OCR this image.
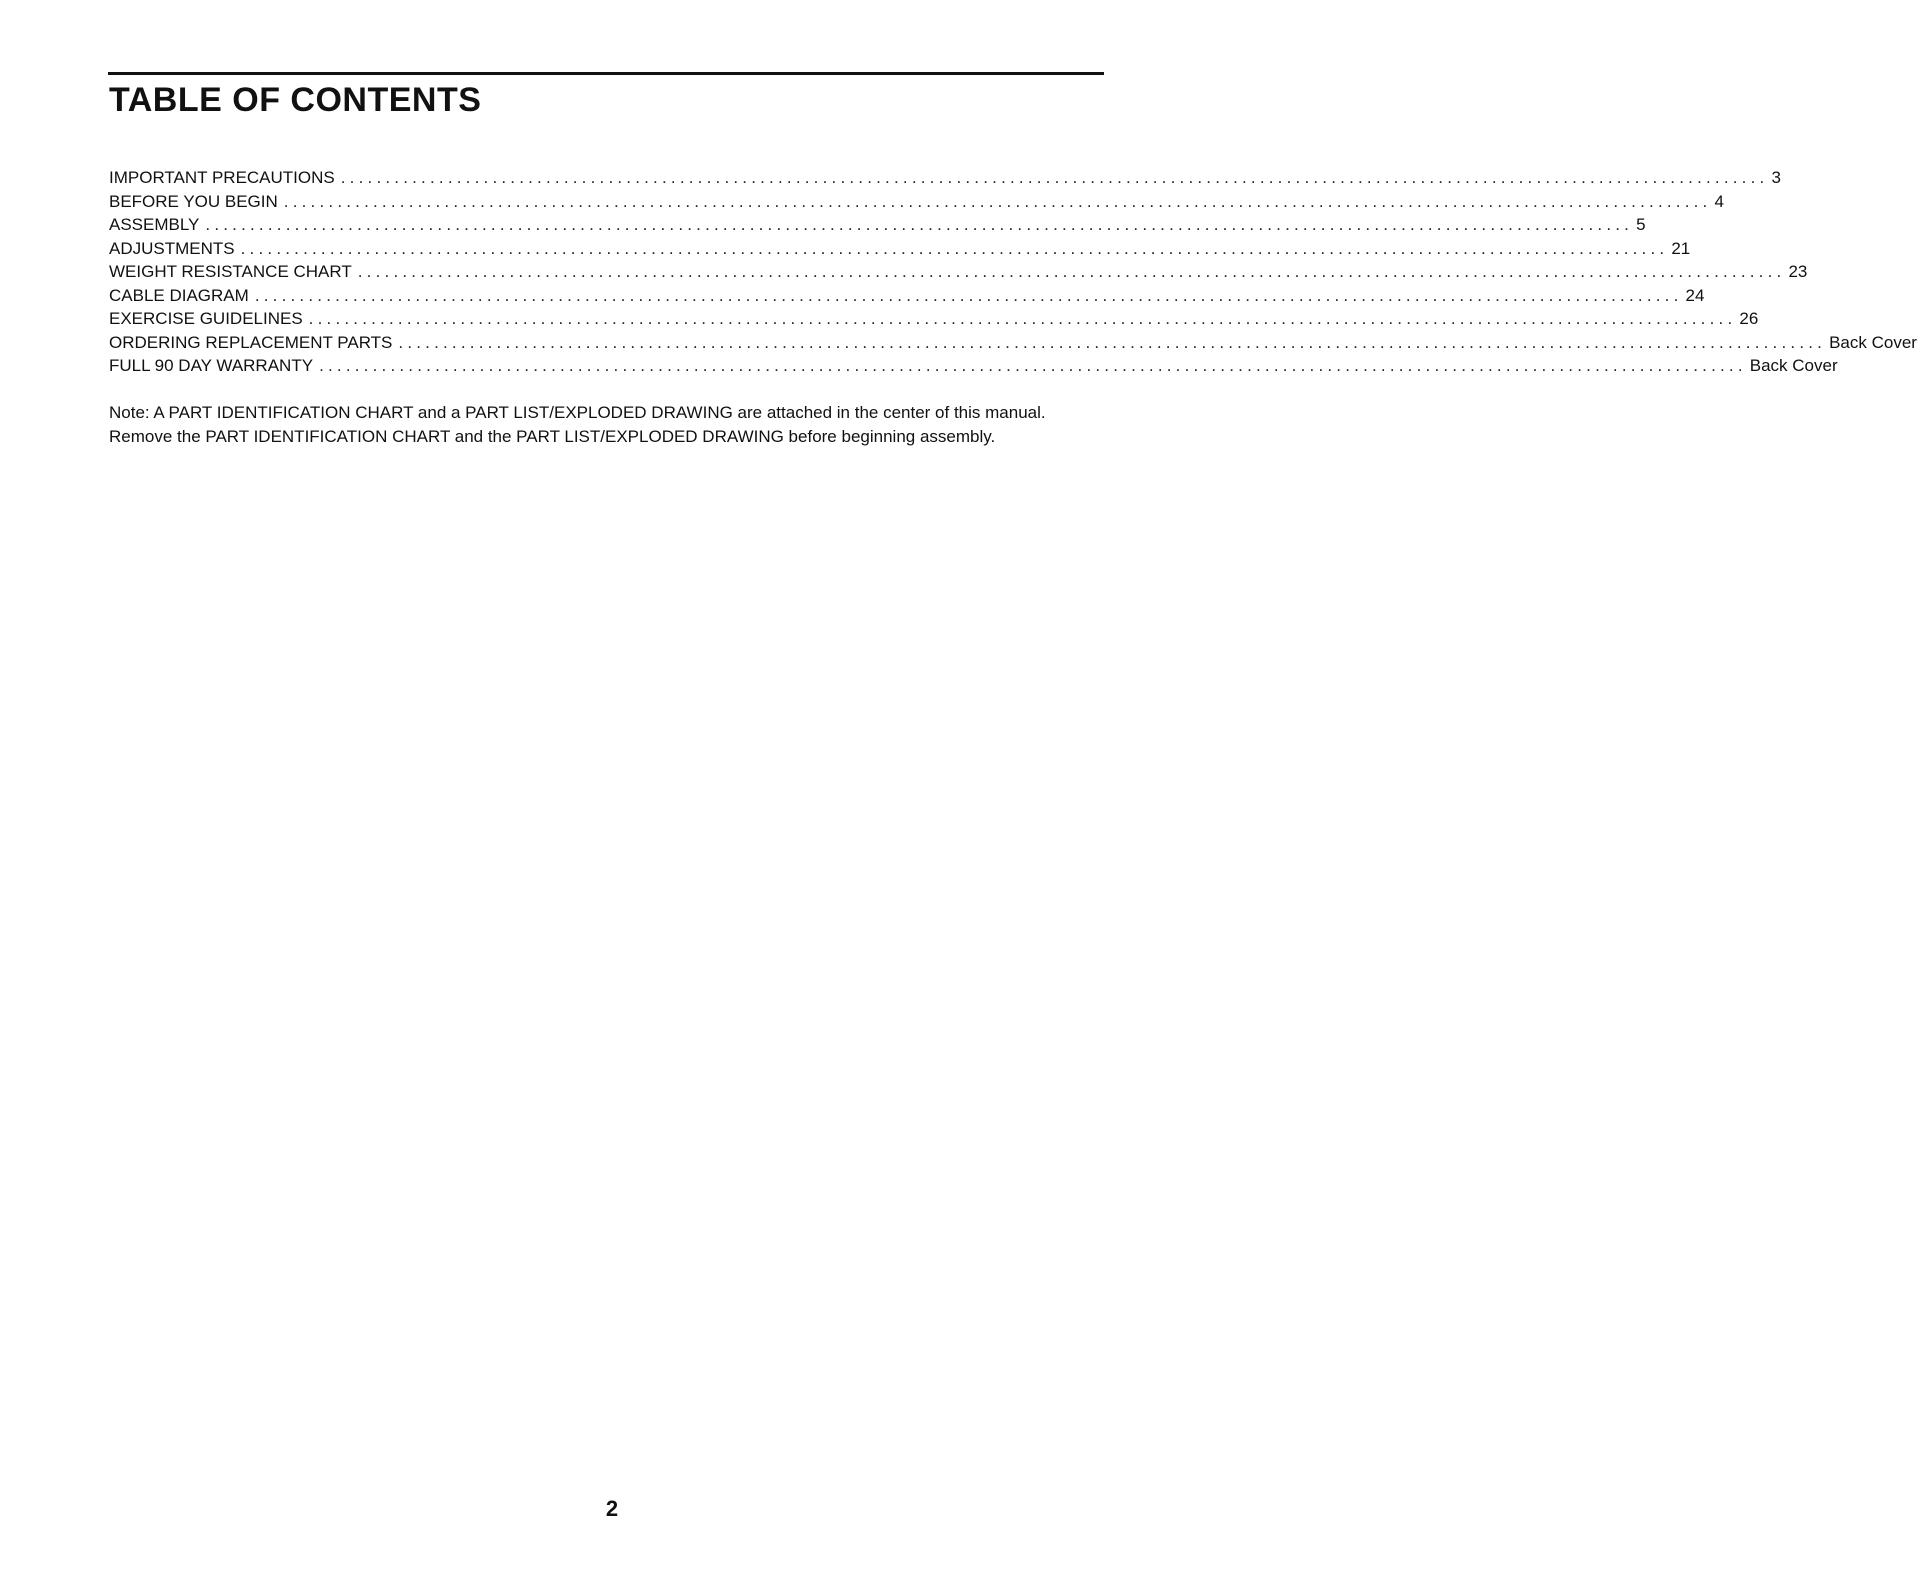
TABLE OF CONTENTS
IMPORTANT PRECAUTIONS ................................................................................................................................................................ 3
BEFORE YOU BEGIN ................................................................................................................................................................ 4
ASSEMBLY ................................................................................................................................................................ 5
ADJUSTMENTS ................................................................................................................................................................ 21
WEIGHT RESISTANCE CHART ................................................................................................................................................................ 23
CABLE DIAGRAM ................................................................................................................................................................ 24
EXERCISE GUIDELINES ................................................................................................................................................................ 26
ORDERING REPLACEMENT PARTS ................................................................................................................................................................ Back Cover
FULL 90 DAY WARRANTY ................................................................................................................................................................ Back Cover

Note: A PART IDENTIFICATION CHART and a PART LIST/EXPLODED DRAWING are attached in the center of this manual. Remove the PART IDENTIFICATION CHART and the PART LIST/EXPLODED DRAWING before beginning assembly.

2
